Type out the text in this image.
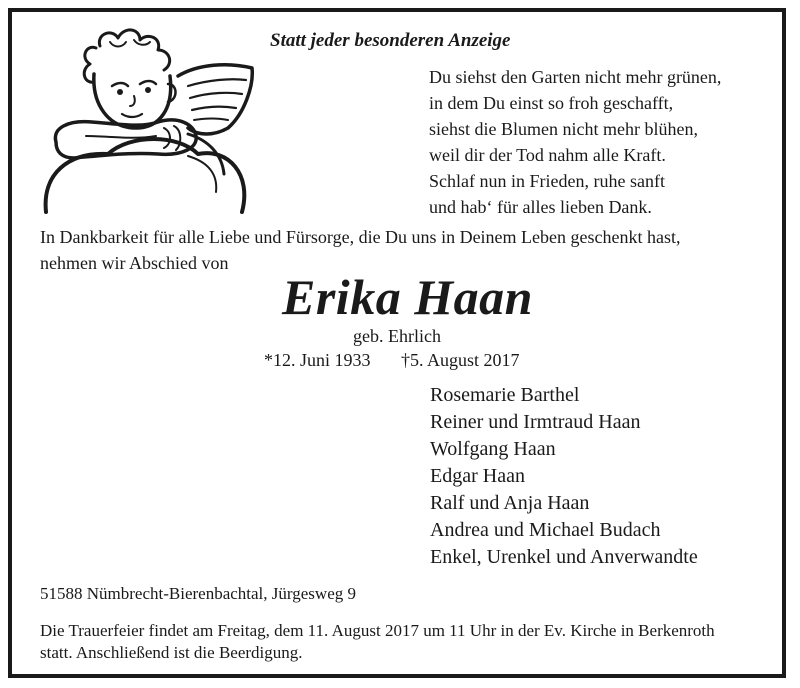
Statt jeder besonderen Anzeige
Du siehst den Garten nicht mehr grünen,
in dem Du einst so froh geschafft,
siehst die Blumen nicht mehr blühen,
weil dir der Tod nahm alle Kraft.
Schlaf nun in Frieden, ruhe sanft
und hab‘ für alles lieben Dank.
In Dankbarkeit für alle Liebe und Fürsorge, die Du uns in Deinem Leben geschenkt hast,
nehmen wir Abschied von
Erika Haan
geb. Ehrlich
*12. Juni 1933 †5. August 2017
Rosemarie Barthel
Reiner und Irmtraud Haan
Wolfgang Haan
Edgar Haan
Ralf und Anja Haan
Andrea und Michael Budach
Enkel, Urenkel und Anverwandte
51588 Nümbrecht-Bierenbachtal, Jürgesweg 9
Die Trauerfeier findet am Freitag, dem 11. August 2017 um 11 Uhr in der Ev. Kirche in Berkenroth
statt. Anschließend ist die Beerdigung.
